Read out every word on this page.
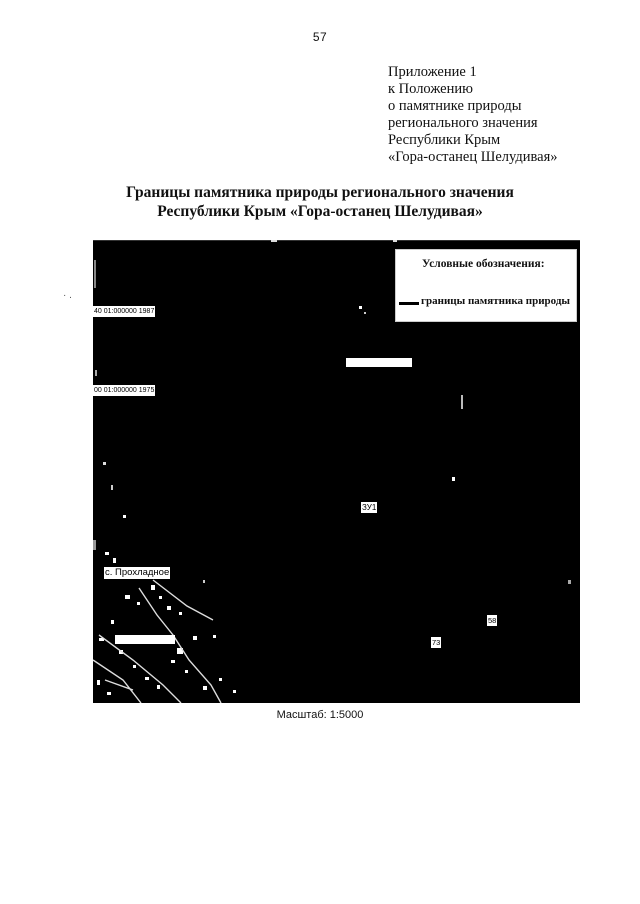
57
Приложение 1
к Положению
о памятнике природы
регионального значения
Республики Крым
«Гора-останец Шелудивая»
Границы памятника природы регионального значения
Республики Крым «Гора-останец Шелудивая»
· .
Условные обозначения:
границы памятника природы
40 01:000000 1987
00 01:000000 1975
ЗУ1
с. Прохладное
58
73
Масштаб: 1:5000
